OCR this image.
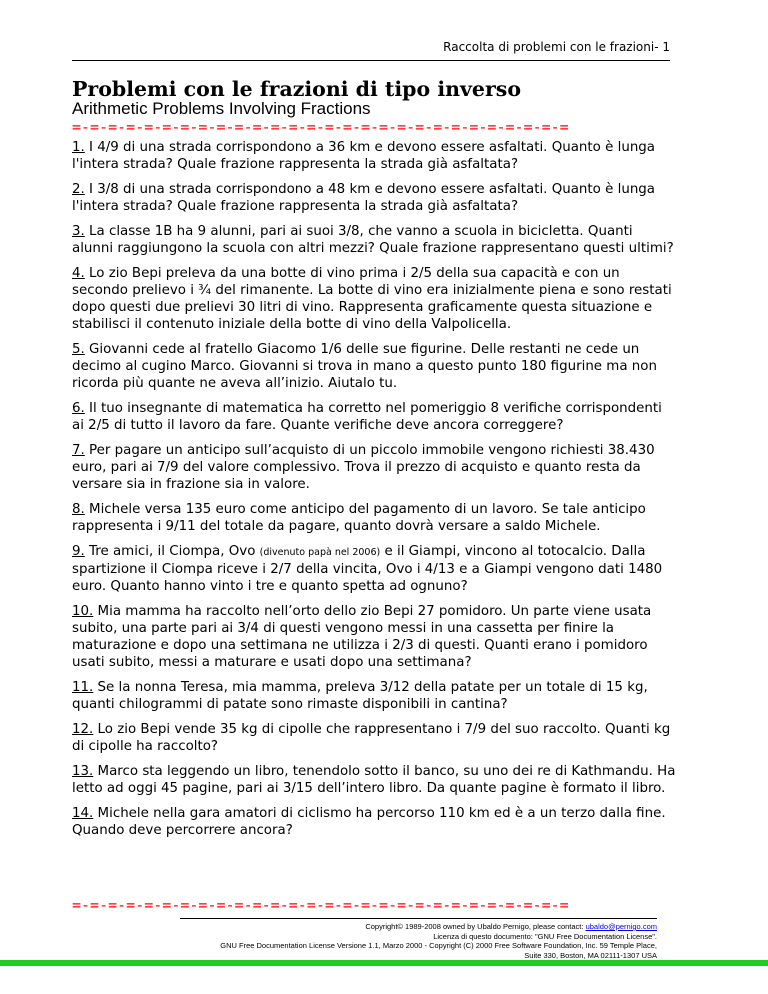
Raccolta di problemi con le frazioni- 1
Problemi con le frazioni di tipo inverso
Arithmetic Problems Involving Fractions
=-=-=-=-=-=-=-=-=-=-=-=-=-=-=-=-=-=-=-=-=-=-=-=-=-=-=-=

1. I 4/9 di una strada corrispondono a 36 km e devono essere asfaltati. Quanto è lunga l'intera strada? Quale frazione rappresenta la strada già asfaltata?

2. I 3/8 di una strada corrispondono a 48 km e devono essere asfaltati. Quanto è lunga l'intera strada? Quale frazione rappresenta la strada già asfaltata?

3. La classe 1B ha 9 alunni, pari ai suoi 3/8, che vanno a scuola in bicicletta. Quanti alunni raggiungono la scuola con altri mezzi? Quale frazione rappresentano questi ultimi?

4. Lo zio Bepi preleva da una botte di vino prima i 2/5 della sua capacità e con un secondo prelievo i ¾ del rimanente. La botte di vino era inizialmente piena e sono restati dopo questi due prelievi 30 litri di vino. Rappresenta graficamente questa situazione e stabilisci il contenuto iniziale della botte di vino della Valpolicella.

5. Giovanni cede al fratello Giacomo 1/6 delle sue figurine. Delle restanti ne cede un decimo al cugino Marco. Giovanni si trova in mano a questo punto 180 figurine ma non ricorda più quante ne aveva all’inizio. Aiutalo tu.

6. Il tuo insegnante di matematica ha corretto nel pomeriggio 8 verifiche corrispondenti ai 2/5 di tutto il lavoro da fare. Quante verifiche deve ancora correggere?

7. Per pagare un anticipo sull’acquisto di un piccolo immobile vengono richiesti 38.430 euro, pari ai 7/9 del valore complessivo. Trova il prezzo di acquisto e quanto resta da versare sia in frazione sia in valore.

8. Michele versa 135 euro come anticipo del pagamento di un lavoro. Se tale anticipo rappresenta i 9/11 del totale da pagare, quanto dovrà versare a saldo Michele.

9. Tre amici, il Ciompa, Ovo (divenuto papà nel 2006) e il Giampi, vincono al totocalcio. Dalla spartizione il Ciompa riceve i 2/7 della vincita, Ovo i 4/13 e a Giampi vengono dati 1480 euro. Quanto hanno vinto i tre e quanto spetta ad ognuno?

10. Mia mamma ha raccolto nell’orto dello zio Bepi 27 pomidoro. Un parte viene usata subito, una parte pari ai 3/4 di questi vengono messi in una cassetta per finire la maturazione e dopo una settimana ne utilizza i 2/3 di questi. Quanti erano i pomidoro usati subito, messi a maturare e usati dopo una settimana?

11. Se la nonna Teresa, mia mamma, preleva 3/12 della patate per un totale di 15 kg, quanti chilogrammi di patate sono rimaste disponibili in cantina?

12. Lo zio Bepi vende 35 kg di cipolle che rappresentano i 7/9 del suo raccolto. Quanti kg di cipolle ha raccolto?

13. Marco sta leggendo un libro, tenendolo sotto il banco, su uno dei re di Kathmandu. Ha letto ad oggi 45 pagine, pari ai 3/15 dell’intero libro. Da quante pagine è formato il libro.

14. Michele nella gara amatori di ciclismo ha percorso 110 km ed è a un terzo dalla fine. Quando deve percorrere ancora?

=-=-=-=-=-=-=-=-=-=-=-=-=-=-=-=-=-=-=-=-=-=-=-=-=-=-=-=
Copyright© 1989-2008 owned by Ubaldo Pernigo, please contact: ubaldo@pernigo.com
Licenza di questo documento: "GNU Free Documentation License".
GNU Free Documentation License Versione 1.1, Marzo 2000 - Copyright (C) 2000 Free Software Foundation, Inc. 59 Temple Place,
Suite 330, Boston, MA 02111-1307 USA
